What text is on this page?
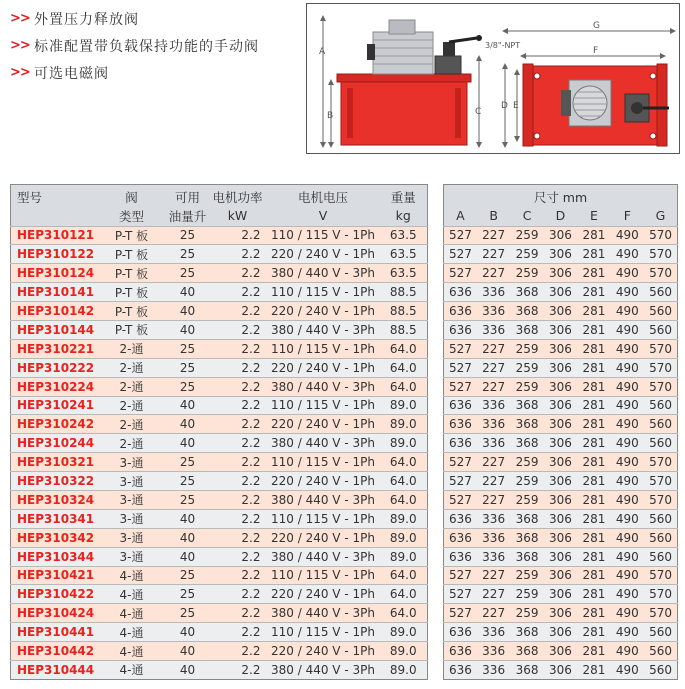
>> 外置压力释放阀
>> 标准配置带负载保持功能的手动阀
>> 可选电磁阀
A
B	C
3/8"-NPT
G
F
D E
型号	阀	可用	电机功率	电机电压	重量
	类型	油量升	kW	V	kg
HEP310121	P-T 板	25	2.2	110 / 115 V - 1Ph	63.5
HEP310122	P-T 板	25	2.2	220 / 240 V - 1Ph	63.5
HEP310124	P-T 板	25	2.2	380 / 440 V - 3Ph	63.5
HEP310141	P-T 板	40	2.2	110 / 115 V - 1Ph	88.5
HEP310142	P-T 板	40	2.2	220 / 240 V - 1Ph	88.5
HEP310144	P-T 板	40	2.2	380 / 440 V - 3Ph	88.5
HEP310221	2-通	25	2.2	110 / 115 V - 1Ph	64.0
HEP310222	2-通	25	2.2	220 / 240 V - 1Ph	64.0
HEP310224	2-通	25	2.2	380 / 440 V - 3Ph	64.0
HEP310241	2-通	40	2.2	110 / 115 V - 1Ph	89.0
HEP310242	2-通	40	2.2	220 / 240 V - 1Ph	89.0
HEP310244	2-通	40	2.2	380 / 440 V - 3Ph	89.0
HEP310321	3-通	25	2.2	110 / 115 V - 1Ph	64.0
HEP310322	3-通	25	2.2	220 / 240 V - 1Ph	64.0
HEP310324	3-通	25	2.2	380 / 440 V - 3Ph	64.0
HEP310341	3-通	40	2.2	110 / 115 V - 1Ph	89.0
HEP310342	3-通	40	2.2	220 / 240 V - 1Ph	89.0
HEP310344	3-通	40	2.2	380 / 440 V - 3Ph	89.0
HEP310421	4-通	25	2.2	110 / 115 V - 1Ph	64.0
HEP310422	4-通	25	2.2	220 / 240 V - 1Ph	64.0
HEP310424	4-通	25	2.2	380 / 440 V - 3Ph	64.0
HEP310441	4-通	40	2.2	110 / 115 V - 1Ph	89.0
HEP310442	4-通	40	2.2	220 / 240 V - 1Ph	89.0
HEP310444	4-通	40	2.2	380 / 440 V - 3Ph	89.0
尺寸 mm						
A	B	C	D	E	F	G
527	227	259	306	281	490	570
527	227	259	306	281	490	570
527	227	259	306	281	490	570
636	336	368	306	281	490	560
636	336	368	306	281	490	560
636	336	368	306	281	490	560
527	227	259	306	281	490	570
527	227	259	306	281	490	570
527	227	259	306	281	490	570
636	336	368	306	281	490	560
636	336	368	306	281	490	560
636	336	368	306	281	490	560
527	227	259	306	281	490	570
527	227	259	306	281	490	570
527	227	259	306	281	490	570
636	336	368	306	281	490	560
636	336	368	306	281	490	560
636	336	368	306	281	490	560
527	227	259	306	281	490	570
527	227	259	306	281	490	570
527	227	259	306	281	490	570
636	336	368	306	281	490	560
636	336	368	306	281	490	560
636	336	368	306	281	490	560
